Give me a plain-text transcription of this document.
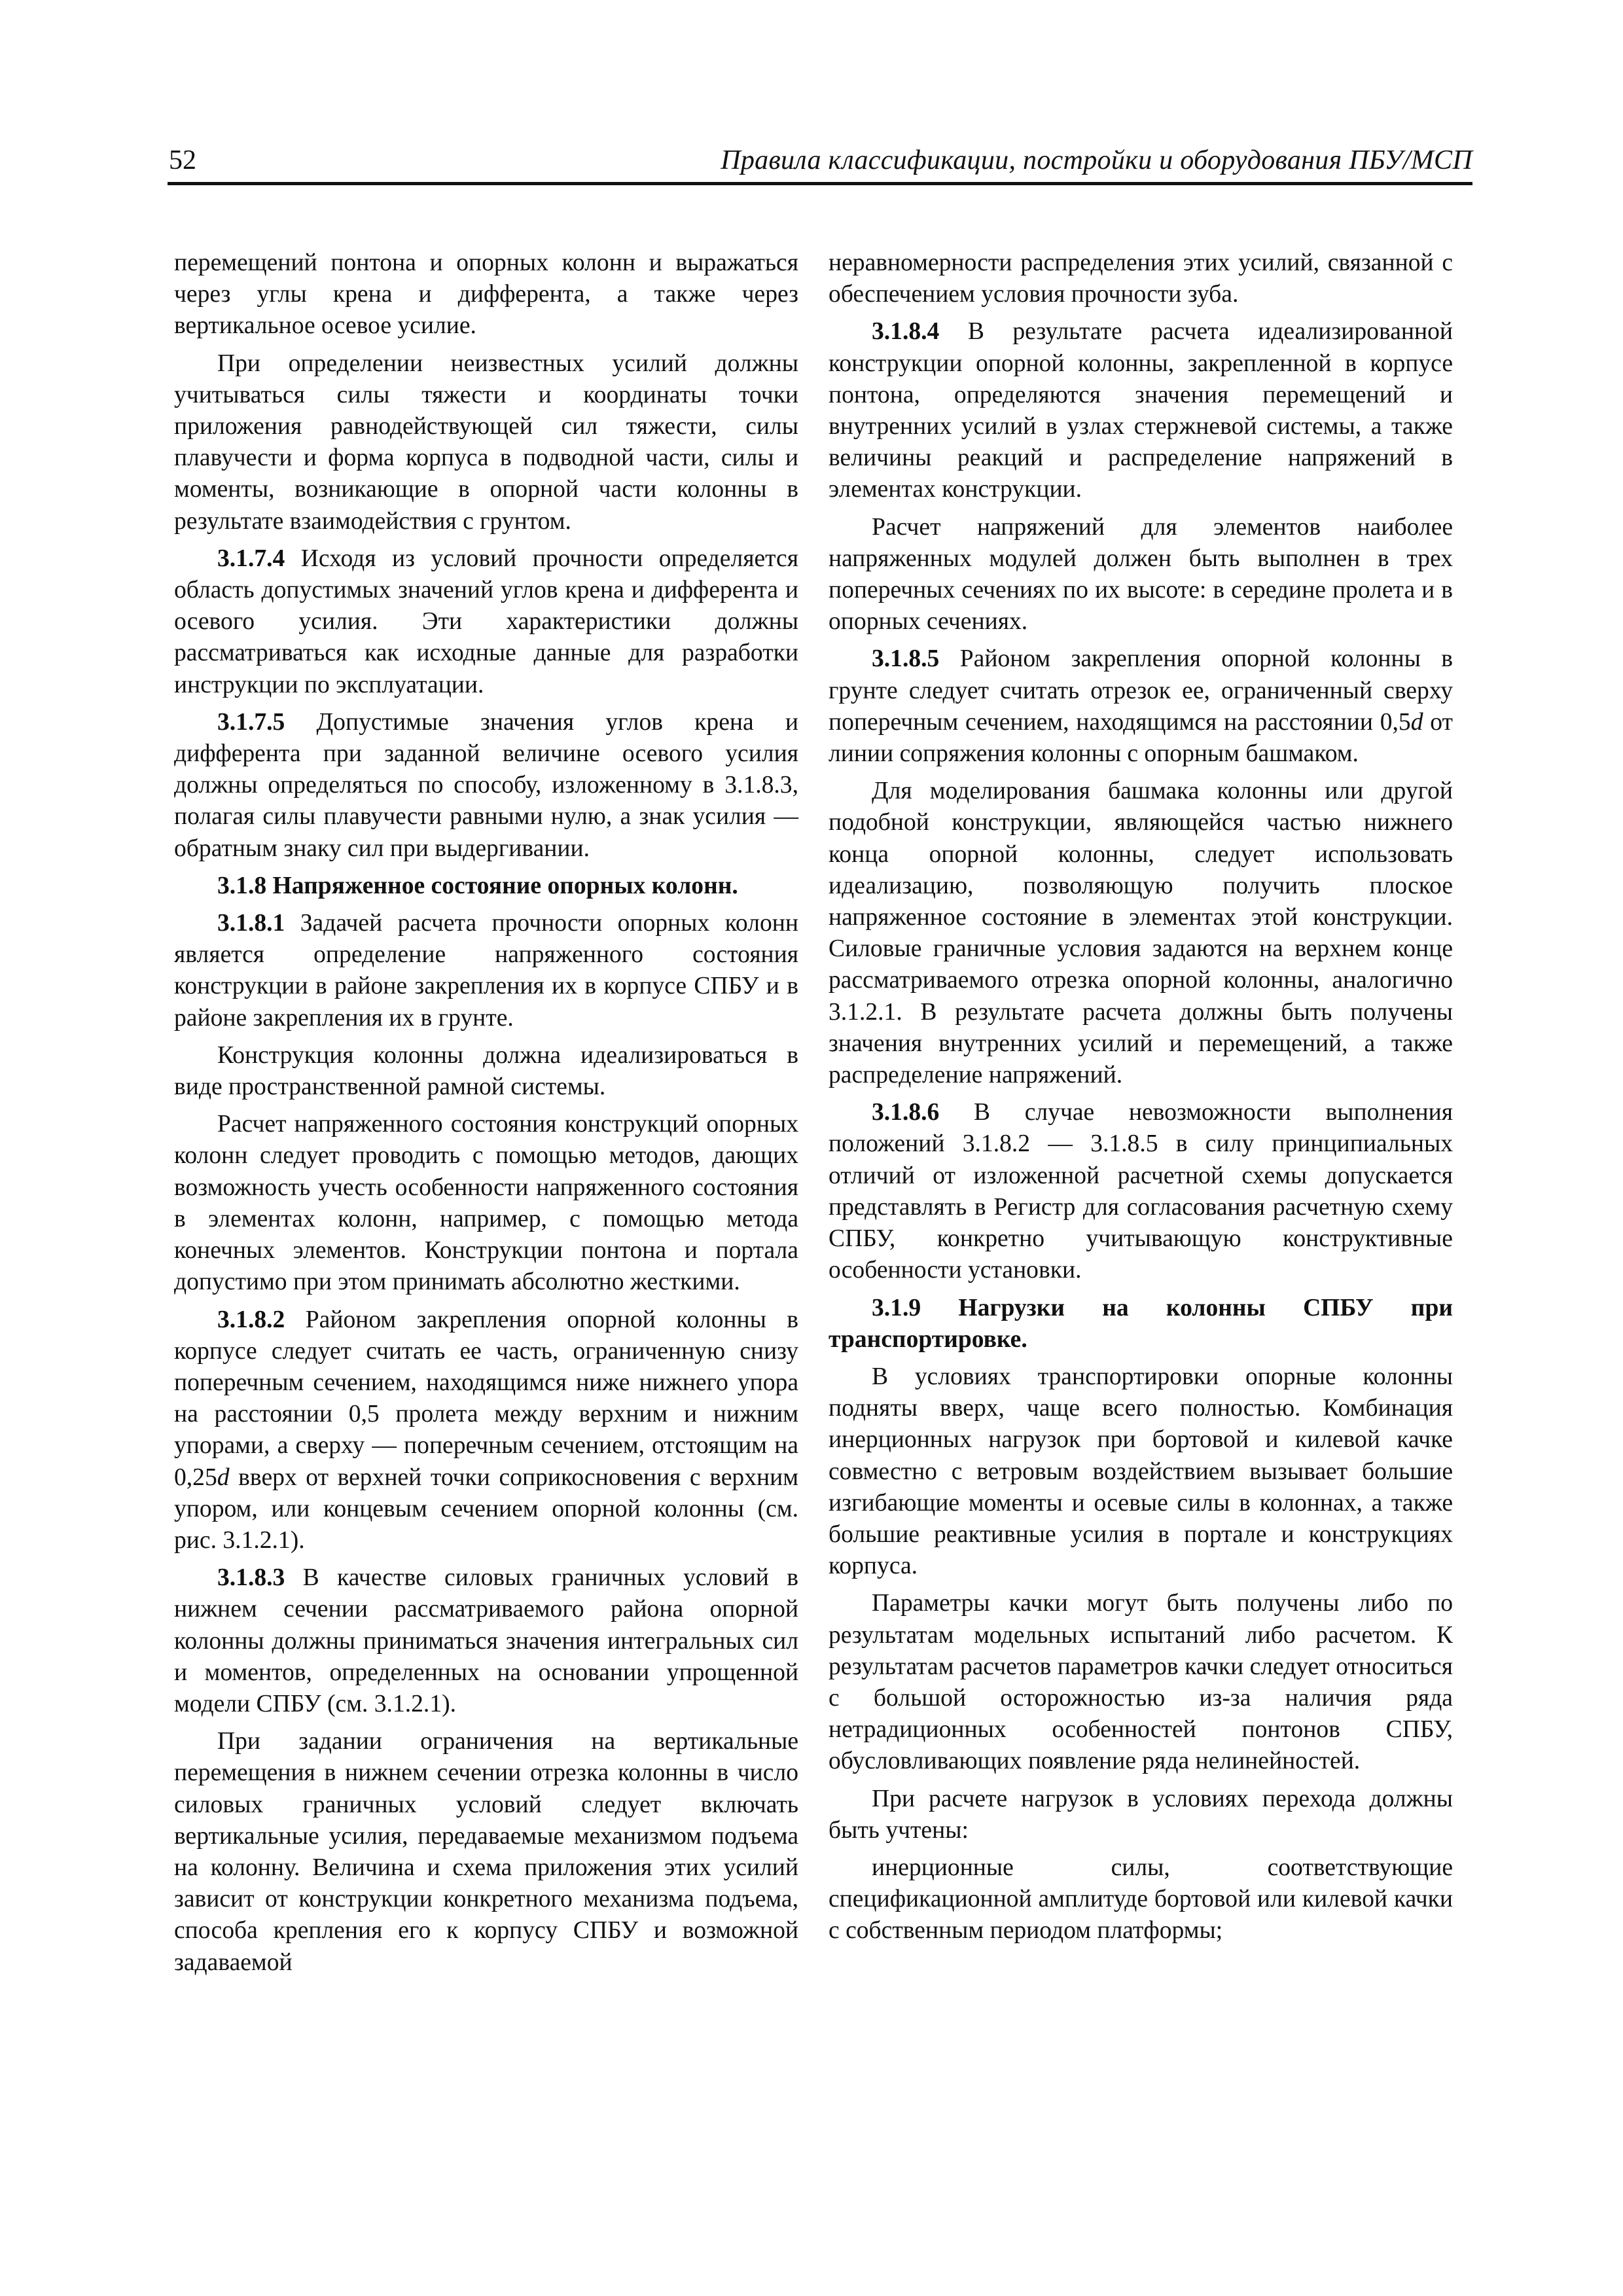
52	Правила классификации, постройки и оборудования ПБУ/МСП

перемещений понтона и опорных колонн и выражаться через углы крена и дифферента, а также через вертикальное осевое усилие.

При определении неизвестных усилий должны учитываться силы тяжести и координаты точки приложения равнодействующей сил тяжести, силы плавучести и форма корпуса в подводной части, силы и моменты, возникающие в опорной части колонны в результате взаимодействия с грунтом.

3.1.7.4 Исходя из условий прочности определяется область допустимых значений углов крена и дифферента и осевого усилия. Эти характеристики должны рассматриваться как исходные данные для разработки инструкции по эксплуатации.

3.1.7.5 Допустимые значения углов крена и дифферента при заданной величине осевого усилия должны определяться по способу, изложенному в 3.1.8.3, полагая силы плавучести равными нулю, а знак усилия — обратным знаку сил при выдергивании.

3.1.8 Напряженное состояние опорных колонн.

3.1.8.1 Задачей расчета прочности опорных колонн является определение напряженного состояния конструкции в районе закрепления их в корпусе СПБУ и в районе закрепления их в грунте.

Конструкция колонны должна идеализироваться в виде пространственной рамной системы.

Расчет напряженного состояния конструкций опорных колонн следует проводить с помощью методов, дающих возможность учесть особенности напряженного состояния в элементах колонн, например, с помощью метода конечных элементов. Конструкции понтона и портала допустимо при этом принимать абсолютно жесткими.

3.1.8.2 Районом закрепления опорной колонны в корпусе следует считать ее часть, ограниченную снизу поперечным сечением, находящимся ниже нижнего упора на расстоянии 0,5 пролета между верхним и нижним упорами, а сверху — поперечным сечением, отстоящим на 0,25d вверх от верхней точки соприкосновения с верхним упором, или концевым сечением опорной колонны (см. рис. 3.1.2.1).

3.1.8.3 В качестве силовых граничных условий в нижнем сечении рассматриваемого района опорной колонны должны приниматься значения интегральных сил и моментов, определенных на основании упрощенной модели СПБУ (см. 3.1.2.1).

При задании ограничения на вертикальные перемещения в нижнем сечении отрезка колонны в число силовых граничных условий следует включать вертикальные усилия, передаваемые механизмом подъема на колонну. Величина и схема приложения этих усилий зависит от конструкции конкретного механизма подъема, способа крепления его к корпусу СПБУ и возможной задаваемой

неравномерности распределения этих усилий, связанной с обеспечением условия прочности зуба.

3.1.8.4 В результате расчета идеализированной конструкции опорной колонны, закрепленной в корпусе понтона, определяются значения перемещений и внутренних усилий в узлах стержневой системы, а также величины реакций и распределение напряжений в элементах конструкции.

Расчет напряжений для элементов наиболее напряженных модулей должен быть выполнен в трех поперечных сечениях по их высоте: в середине пролета и в опорных сечениях.

3.1.8.5 Районом закрепления опорной колонны в грунте следует считать отрезок ее, ограниченный сверху поперечным сечением, находящимся на расстоянии 0,5d от линии сопряжения колонны с опорным башмаком.

Для моделирования башмака колонны или другой подобной конструкции, являющейся частью нижнего конца опорной колонны, следует использовать идеализацию, позволяющую получить плоское напряженное состояние в элементах этой конструкции. Силовые граничные условия задаются на верхнем конце рассматриваемого отрезка опорной колонны, аналогично 3.1.2.1. В результате расчета должны быть получены значения внутренних усилий и перемещений, а также распределение напряжений.

3.1.8.6 В случае невозможности выполнения положений 3.1.8.2 — 3.1.8.5 в силу принципиальных отличий от изложенной расчетной схемы допускается представлять в Регистр для согласования расчетную схему СПБУ, конкретно учитывающую конструктивные особенности установки.

3.1.9 Нагрузки на колонны СПБУ при транспортировке.

В условиях транспортировки опорные колонны подняты вверх, чаще всего полностью. Комбинация инерционных нагрузок при бортовой и килевой качке совместно с ветровым воздействием вызывает большие изгибающие моменты и осевые силы в колоннах, а также большие реактивные усилия в портале и конструкциях корпуса.

Параметры качки могут быть получены либо по результатам модельных испытаний либо расчетом. К результатам расчетов параметров качки следует относиться с большой осторожностью из-за наличия ряда нетрадиционных особенностей понтонов СПБУ, обусловливающих появление ряда нелинейностей.

При расчете нагрузок в условиях перехода должны быть учтены:

инерционные силы, соответствующие спецификационной амплитуде бортовой или килевой качки с собственным периодом платформы;
